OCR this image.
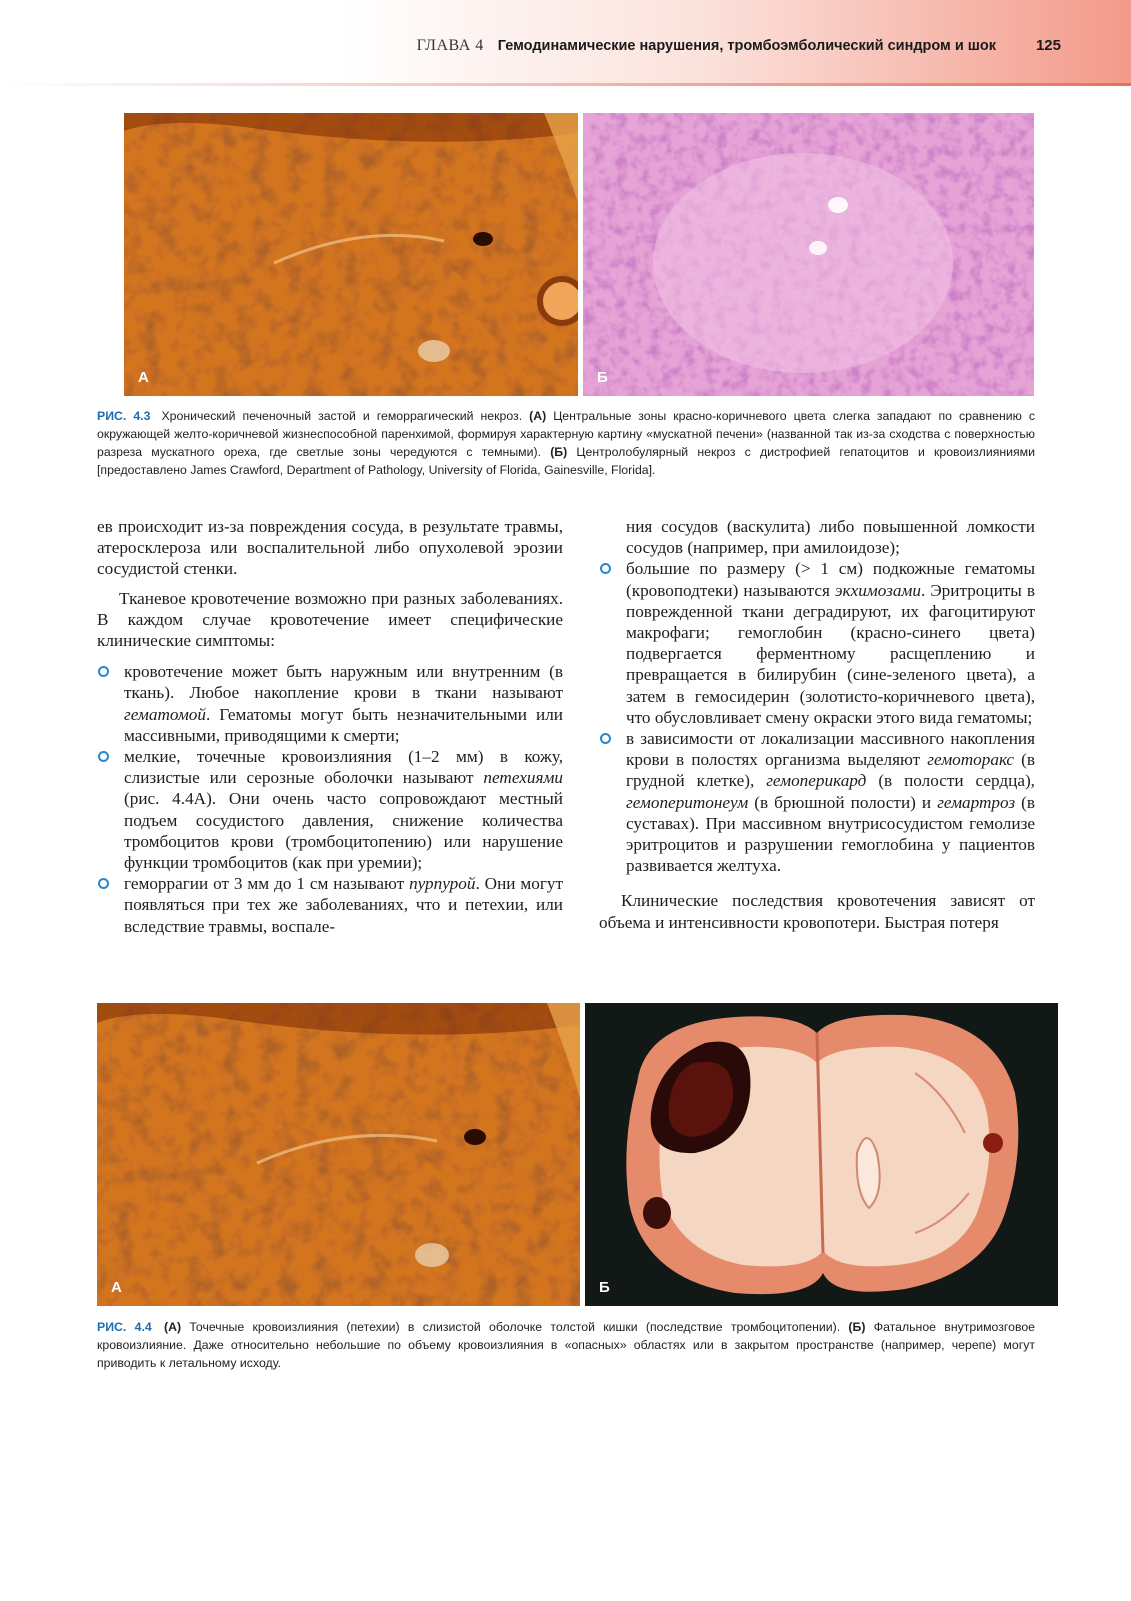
ГЛАВА 4 Гемодинамические нарушения, тромбоэмболический синдром и шок	125
А	Б
РИС. 4.3 Хронический печеночный застой и геморрагический некроз. (А) Центральные зоны красно-коричневого цвета слегка западают по сравнению с окружающей желто-коричневой жизнеспособной паренхимой, формируя характерную картину «мускатной печени» (названной так из-за сходства с поверхностью разреза мускатного ореха, где светлые зоны чередуются с темными). (Б) Центролобулярный некроз с дистрофией гепатоцитов и кровоизлияниями [предоставлено James Crawford, Department of Pathology, University of Florida, Gainesville, Florida].

ев происходит из-за повреждения сосуда, в результате травмы, атеросклероза или воспалительной либо опухолевой эрозии сосудистой стенки.

Тканевое кровотечение возможно при разных заболеваниях. В каждом случае кровотечение имеет специфические клинические симптомы:

кровотечение может быть наружным или внутренним (в ткань). Любое накопление крови в ткани называют гематомой. Гематомы могут быть незначительными или массивными, приводящими к смерти;
мелкие, точечные кровоизлияния (1–2 мм) в кожу, слизистые или серозные оболочки называют петехиями (рис. 4.4А). Они очень часто сопровождают местный подъем сосудистого давления, снижение количества тромбоцитов крови (тромбоцитопению) или нарушение функции тромбоцитов (как при уремии);
геморрагии от 3 мм до 1 см называют пурпурой. Они могут появляться при тех же заболеваниях, что и петехии, или вследствие травмы, воспале-
ния сосудов (васкулита) либо повышенной ломкости сосудов (например, при амилоидозе);
большие по размеру (> 1 см) подкожные гематомы (кровоподтеки) называются экхимозами. Эритроциты в поврежденной ткани деградируют, их фагоцитируют макрофаги; гемоглобин (красно-синего цвета) подвергается ферментному расщеплению и превращается в билирубин (сине-зеленого цвета), а затем в гемосидерин (золотисто-коричневого цвета), что обусловливает смену окраски этого вида гематомы;
в зависимости от локализации массивного накопления крови в полостях организма выделяют гемоторакс (в грудной клетке), гемоперикард (в полости сердца), гемоперитонеум (в брюшной полости) и гемартроз (в суставах). При массивном внутрисосудистом гемолизе эритроцитов и разрушении гемоглобина у пациентов развивается желтуха.

Клинические последствия кровотечения зависят от объема и интенсивности кровопотери. Быстрая потеря

А	Б
РИС. 4.4 (А) Точечные кровоизлияния (петехии) в слизистой оболочке толстой кишки (последствие тромбоцитопении). (Б) Фатальное внутримозговое кровоизлияние. Даже относительно небольшие по объему кровоизлияния в «опасных» областях или в закрытом пространстве (например, черепе) могут приводить к летальному исходу.
